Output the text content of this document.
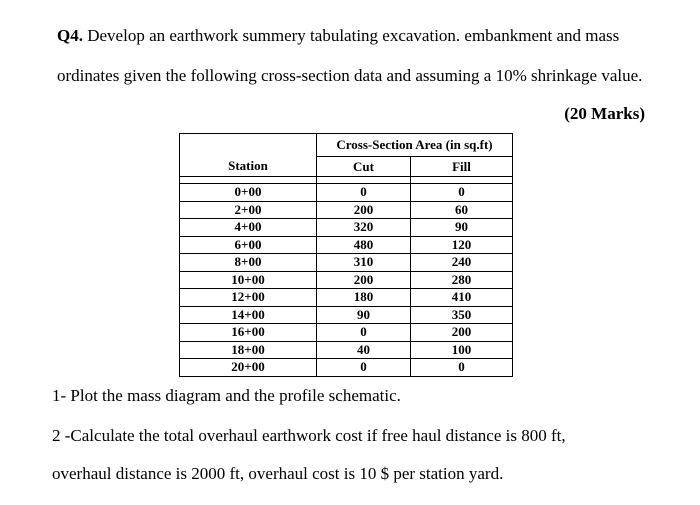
Q4. Develop an earthwork summery tabulating excavation. embankment and mass
ordinates given the following cross-section data and assuming a 10% shrinkage value.
(20 Marks)
	Cross-Section Area (in sq.ft)	
Station	Cut	Fill

0+00	0	0
2+00	200	60
4+00	320	90
6+00	480	120
8+00	310	240
10+00	200	280
12+00	180	410
14+00	90	350
16+00	0	200
18+00	40	100
20+00	0	0
1- Plot the mass diagram and the profile schematic.
2 -Calculate the total overhaul earthwork cost if free haul distance is 800 ft,
overhaul distance is 2000 ft, overhaul cost is 10 $ per station yard.
